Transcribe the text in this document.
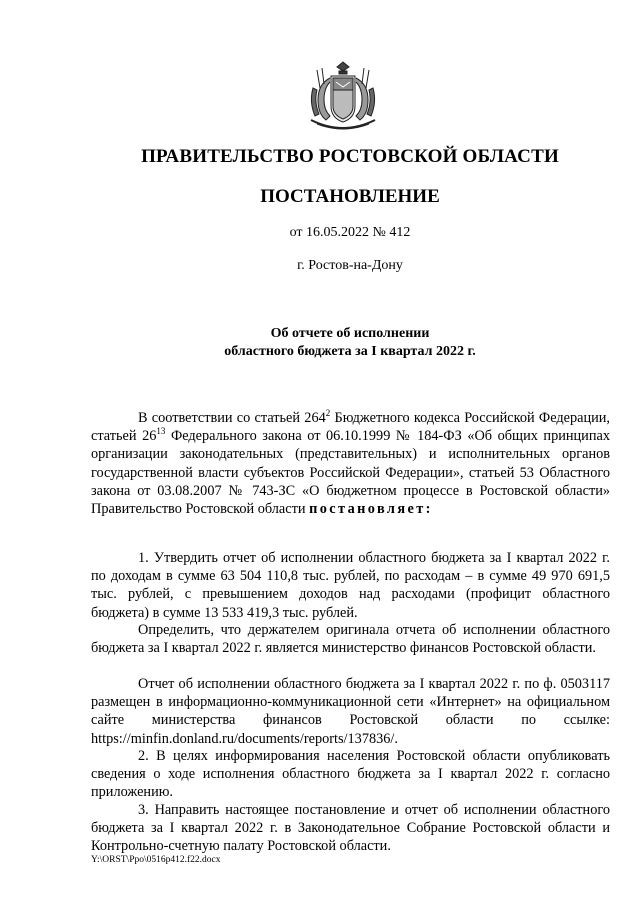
ПРАВИТЕЛЬСТВО РОСТОВСКОЙ ОБЛАСТИ
ПОСТАНОВЛЕНИЕ
от 16.05.2022 № 412
г. Ростов-на-Дону
Об отчете об исполнении
областного бюджета за I квартал 2022 г.
В соответствии со статьей $264^2$ Бюджетного кодекса Российской Федерации, статьей $26^{13}$ Федерального закона от 06.10.1999 № 184-ФЗ «Об общих принципах организации законодательных (представительных) и исполнительных органов государственной власти субъектов Российской Федерации», статьей 53 Областного закона от 03.08.2007 № 743-ЗС «О бюджетном процессе в Ростовской области» Правительство Ростовской области постановляет:
1. Утвердить отчет об исполнении областного бюджета за I квартал 2022 г. по доходам в сумме 63 504 110,8 тыс. рублей, по расходам – в сумме 49 970 691,5 тыс. рублей, с превышением доходов над расходами (профицит областного бюджета) в сумме 13 533 419,3 тыс. рублей.
Определить, что держателем оригинала отчета об исполнении областного бюджета за I квартал 2022 г. является министерство финансов Ростовской области.
Отчет об исполнении областного бюджета за I квартал 2022 г. по ф. 0503117 размещен в информационно-коммуникационной сети «Интернет» на официальном сайте министерства финансов Ростовской области по ссылке: https://minfin.donland.ru/documents/reports/137836/.
2. В целях информирования населения Ростовской области опубликовать сведения о ходе исполнения областного бюджета за I квартал 2022 г. согласно приложению.
3. Направить настоящее постановление и отчет об исполнении областного бюджета за I квартал 2022 г. в Законодательное Собрание Ростовской области и Контрольно-счетную палату Ростовской области.
Y:\ORST\Ppo\0516p412.f22.docx
